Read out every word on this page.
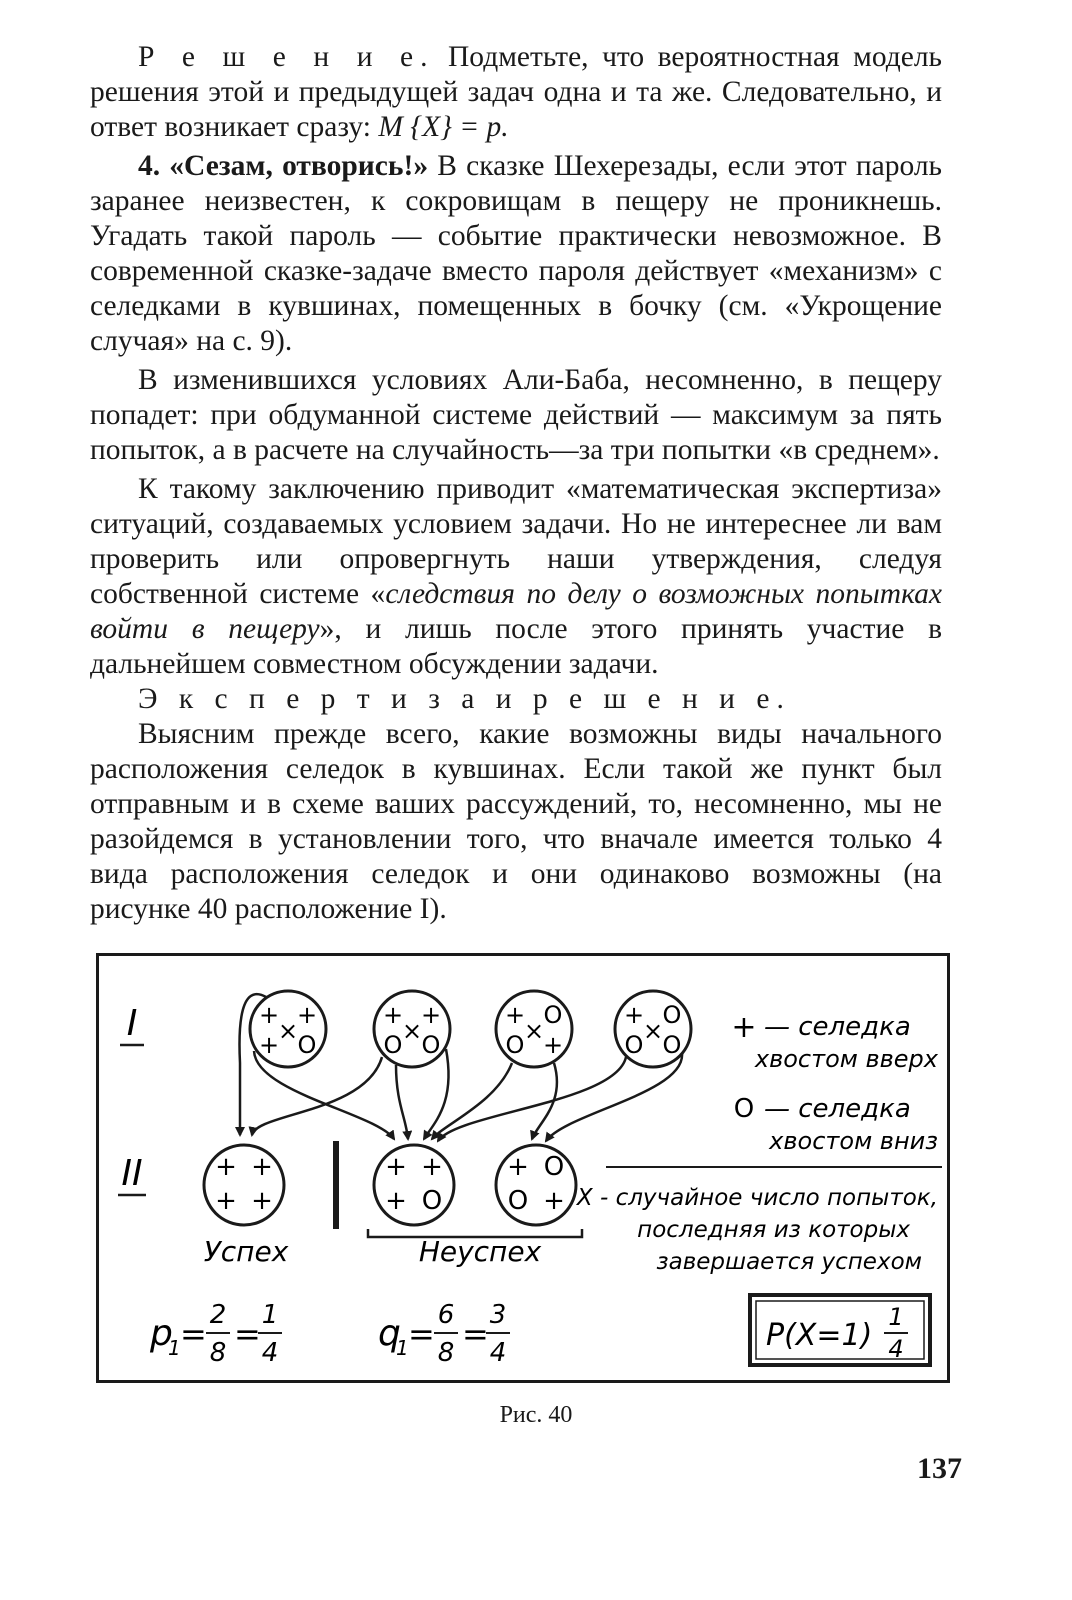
Р е ш е н и е. Подметьте, что вероятностная модель решения этой и предыдущей задач одна и та же. Следовательно, и ответ возникает сразу: M {X} = p.

4. «Сезам, отворись!» В сказке Шехерезады, если этот пароль заранее неизвестен, к сокровищам в пещеру не проникнешь. Угадать такой пароль — событие практически невозможное. В современной сказке-задаче вместо пароля действует «механизм» с селедками в кувшинах, помещенных в бочку (см. «Укрощение случая» на с. 9).

В изменившихся условиях Али-Баба, несомненно, в пещеру попадет: при обдуманной системе действий — максимум за пять попыток, а в расчете на случайность—за три попытки «в среднем».

К такому заключению приводит «математическая экспертиза» ситуаций, создаваемых условием задачи. Но не интереснее ли вам проверить или опровергнуть наши утверждения, следуя собственной системе «следствия по делу о возможных попытках войти в пещеру», и лишь после этого принять участие в дальнейшем совместном обсуждении задачи.

Э к с п е р т и з а и р е ш е н и е.

Выясним прежде всего, какие возможны виды начального расположения селедок в кувшинах. Если такой же пункт был отправным и в схеме ваших рассуждений, то, несомненно, мы не разойдемся в установлении того, что вначале имеется только 4 вида расположения селедок и они одинаково возможны (на рисунке 40 расположение I).

I
II
+ +
+ O
×
+ +
O O
×
+ O
O +
×
+ O
O O
×
+ +
+ +
+ +
+ O
+ O
O +
Успех	Неуспех
+ — селедка
хвостом вверх
O — селедка
хвостом вниз
X - случайное число попыток,
последняя из которых
завершается успехом
p
1 = 2
8 = 1
4	q
1 = 6
8 = 3
4	P(X=1)
1
4
Рис. 40
137
